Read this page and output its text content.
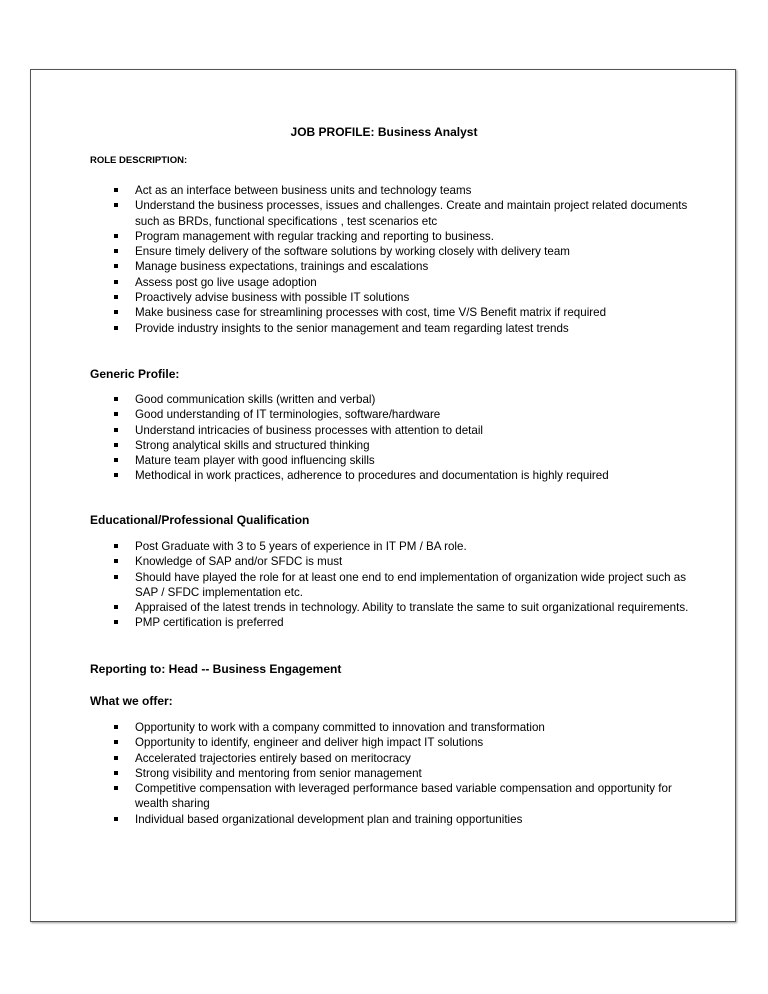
JOB PROFILE: Business Analyst
ROLE DESCRIPTION:
Act as an interface between business units and technology teams
Understand the business processes, issues and challenges. Create and maintain project related documents such as BRDs, functional specifications , test scenarios etc
Program management with regular tracking and reporting to business.
Ensure timely delivery of the software solutions by working closely with delivery team
Manage business expectations, trainings and escalations
Assess post go live usage adoption
Proactively advise business with possible IT solutions
Make business case for streamlining processes with cost, time V/S Benefit matrix if required
Provide industry insights to the senior management and team regarding latest trends
Generic Profile:
Good communication skills (written and verbal)
Good understanding of IT terminologies, software/hardware
Understand intricacies of business processes with attention to detail
Strong analytical skills and structured thinking
Mature team player with good influencing skills
Methodical in work practices, adherence to procedures and documentation is highly required
Educational/Professional Qualification
Post Graduate with 3 to 5 years of experience in IT PM / BA role.
Knowledge of SAP and/or SFDC is must
Should have played the role for at least one end to end implementation of organization wide project such as SAP / SFDC implementation etc.
Appraised of the latest trends in technology. Ability to translate the same to suit organizational requirements.
PMP certification is preferred
Reporting to: Head -- Business Engagement
What we offer:
Opportunity to work with a company committed to innovation and transformation
Opportunity to identify, engineer and deliver high impact IT solutions
Accelerated trajectories entirely based on meritocracy
Strong visibility and mentoring from senior management
Competitive compensation with leveraged performance based variable compensation and opportunity for wealth sharing
Individual based organizational development plan and training opportunities
